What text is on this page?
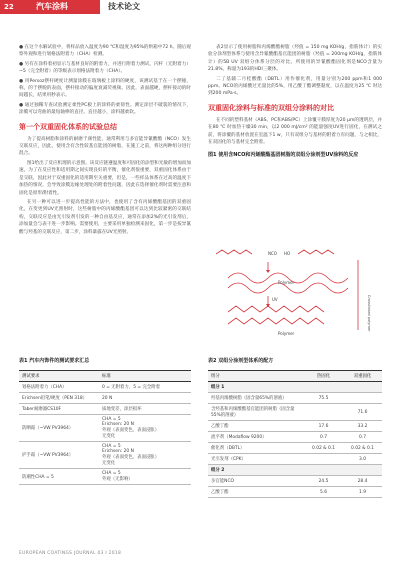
22	汽车涂料	技术论文

● 在这个水解试验中，将样品放入温度为90 ℃和湿度为95%的烘箱中72 h。随后观察外观和进行划格法附着力（CHA）检测。

● 另有在涂料着初显示与基材良好的附着力，并进行附着力测试，闪杆（无附着力）~5（完全附着）的等级表示划格法附着力（CHA）。

● 用Persoz摆杆硬度计测量涂膜在玻璃板上涂料的硬度，该测试基于在一个摆锤，称，的于摆脱的表面，摆杆接动的偏度衰减荧视频。因此，表面越硬，摆杆接动的时间越长，结果用秒表示。

● 通过独稀专查试验测定柔性PC板上的涂料的柔韧性。测定涂层不破裂的情况下，涂膜可以弯曲的最短轴棒的直径。直径越小，涂料越柔软。

第一个双重固化体系的试验总结

为了提高树脂和涂料的耐磨于颜性能，通常利用与多官能异氰酸酯（NCO）发生交联反应，因此，使用含有含性较基官能团的树脂，在施工之前，将这两种组分进行混合。

图1给出了反应机理的示意图。该反应链遵温度和可固化的添型和光敏的增加而加速，为了在反应性和适用期之间实现良好的平衡，催化剂很重要，双重固化体系由于是交联，因此对于双重固化的适用期至关重要，但是，一些样品体系在过高的温度下加热的情况，会导致涂膜边缘处理处的附着性问题，因此在选择催化剂时需要注意和固化是原形/附着性。

在另一种可以进一步提高性能的方法中，也使用了含有丙烯酸酯基团的双重固化，在变更到UV光照射时，这些树脂中的丙烯酸酯基团可以达到比较紧密的交联结构，交联反应是由光引发剂引发的一种自由基反应，通常在添加2%的光引发剂后，添加量会与表干进一步影响。需要使用，主要采用单独检测来固化，第一步是按异氰酸与羟基的交联反应，第二步，涂料暴露在UV光照射。

表2显示了使用树脂和丙烯酸酯树脂（羟值 = 150 mg KOH/g，指筋体计）的实验分涂剂型体系与使用含异氰酸酯基官能团的树脂（羟值 = 200mg KOH/g，指筋体计）的5B UV 双组分体系分层的对比。所使用的异氰酸酯固化剂是NCO含量为21.8%，称量为193的HDI三聚体。

二了基辅二月桂酸酯（DBTL）用作催化剂，用量分别为200 ppm和1 000 ppm。NCO的丙烯酸过光量比的5%，用乙酸丁酯调整黏度，以在温度为25 ℃ 时达到200 mPa·s。

双重固化涂料与标准的双组分涂料的对比

在不同的塑料基材（ABS、PC和ABS/PC）上涂覆干膜厚度为20 µm的透明层，并在80 ℃ 时加热干燥30 min，以2 000 mJ/cm² 的能量强度UV进行固化，在测试之前，将涂覆的基材放置在室温下1 w，只有双组分与基材的附着力有问题，与之相比，在双固化的与基材完全附着。

图1 使用含NCO和丙烯酸酯基团树脂的双组分涂剂型UV涂料的反应
NCO HO
UV
Polymer
Polymer
Crosslinked polymer
表1 汽车内饰件的测试要求汇总
测试要求	标准
划格法附着力（CHA）	0 = 无附着力，5 = 完全附着
Erichsen铅笔/硬度（PEN 318）	20 N
Taber耐磨器CS10F	质地变差，涂层损坏
防晒霜（~VW PV3964）	CHA = 5
Erichsen: 20 N
外观（表面变色，表面浸胀）
无变化
护手霜（~VW PV3964）	CHA = 5
Erichsen: 20 N
外观（表面变色，表面浸胀）
无变化
防潮性CHA = 5	CHA = 5
外观（无影响）
表2 双组分涂剂型体系的配方
组分	热固化	双重固化
组分 1		
羟基丙烯酸树脂（固含量65%的溶液）	75.5	
含羟基和丙烯酸酯基官能团的树脂（固含量55%的溶液）		71.6
乙酸丁酯	17.6	33.2
流平剂（Modaflow 9200）	0.7	0.7
催化剂（DBTL）	0.02 & 0.1	0.02 & 0.1
光引发剂（CPK）		3.0
组分 2		
多官能NCO	24.5	28.4
乙酸丁酯	5.6	1.9
EUROPEAN COATINGS JOURNAL 03 I 2018
